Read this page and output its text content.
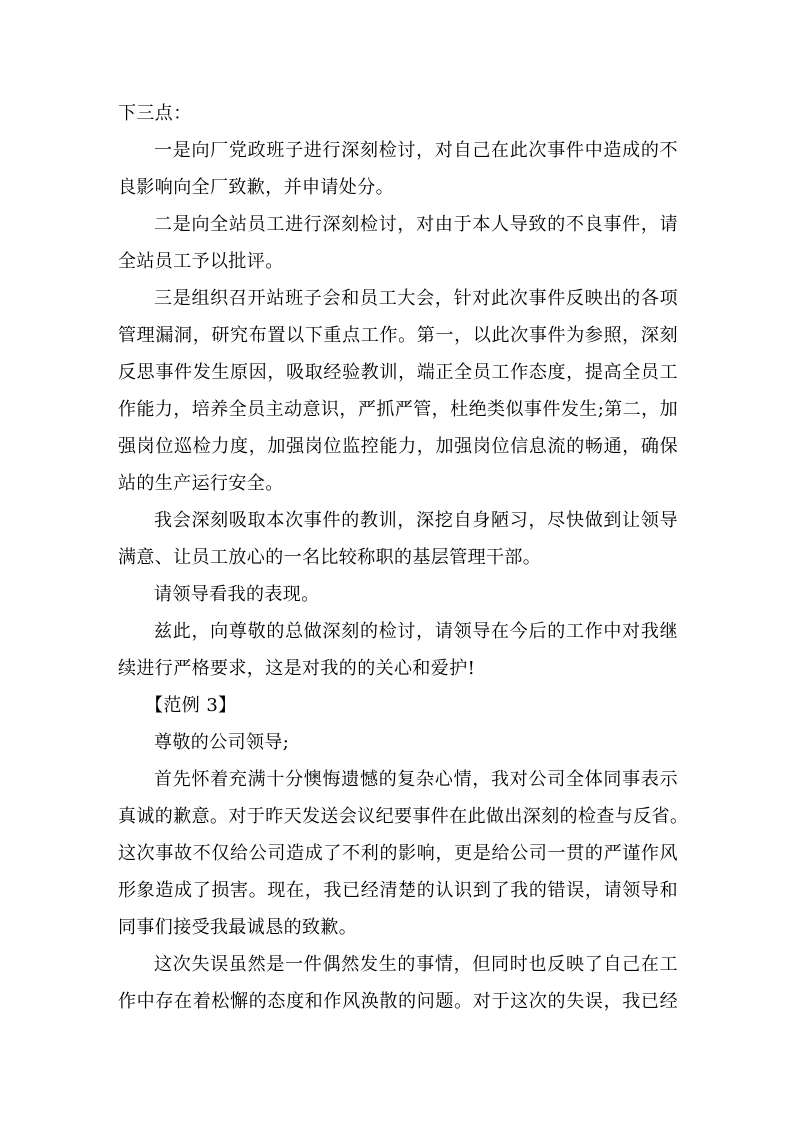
下三点：
一是向厂党政班子进行深刻检讨，对自己在此次事件中造成的不
良影响向全厂致歉，并申请处分。
二是向全站员工进行深刻检讨，对由于本人导致的不良事件，请
全站员工予以批评。
三是组织召开站班子会和员工大会，针对此次事件反映出的各项
管理漏洞，研究布置以下重点工作。第一，以此次事件为参照，深刻
反思事件发生原因，吸取经验教训，端正全员工作态度，提高全员工
作能力，培养全员主动意识，严抓严管，杜绝类似事件发生;第二，加
强岗位巡检力度，加强岗位监控能力，加强岗位信息流的畅通，确保
站的生产运行安全。
我会深刻吸取本次事件的教训，深挖自身陋习，尽快做到让领导
满意、让员工放心的一名比较称职的基层管理干部。
请领导看我的表现。
兹此，向尊敬的总做深刻的检讨，请领导在今后的工作中对我继
续进行严格要求，这是对我的的关心和爱护!
【范例 3】
尊敬的公司领导;
首先怀着充满十分懊悔遗憾的复杂心情，我对公司全体同事表示
真诚的歉意。对于昨天发送会议纪要事件在此做出深刻的检查与反省。
这次事故不仅给公司造成了不利的影响，更是给公司一贯的严谨作风
形象造成了损害。现在，我已经清楚的认识到了我的错误，请领导和
同事们接受我最诚恳的致歉。
这次失误虽然是一件偶然发生的事情，但同时也反映了自己在工
作中存在着松懈的态度和作风涣散的问题。对于这次的失误，我已经
